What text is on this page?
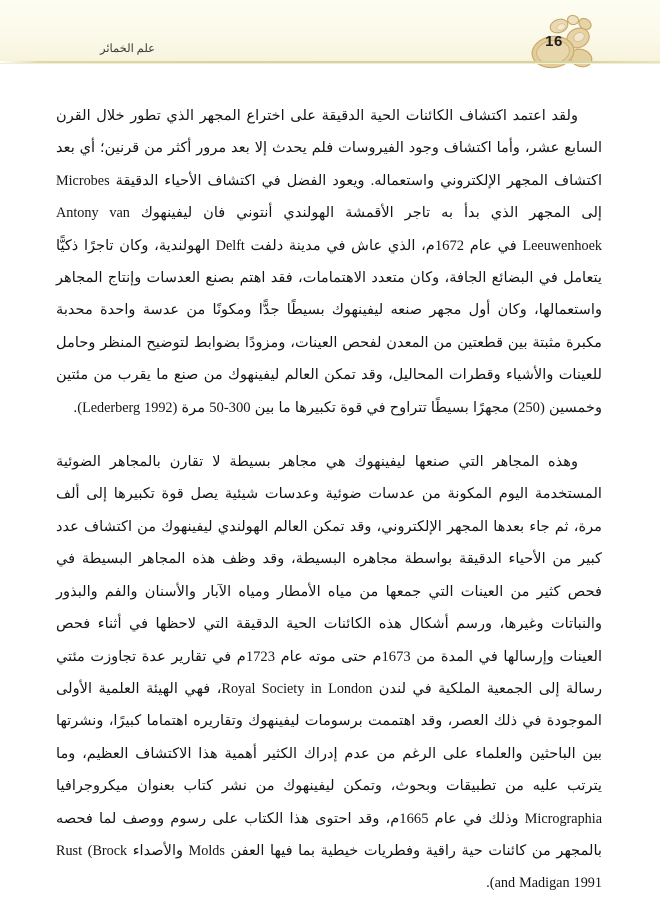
علم الخمائر	16

ولقد اعتمد اكتشاف الكائنات الحية الدقيقة على اختراع المجهر الذي تطور خلال القرن السابع عشر، وأما اكتشاف وجود الفيروسات فلم يحدث إلا بعد مرور أكثر من قرنين؛ أي بعد اكتشاف المجهر الإلكتروني واستعماله. ويعود الفضل في اكتشاف الأحياء الدقيقة Microbes إلى المجهر الذي بدأ به تاجر الأقمشة الهولندي أنتوني فان ليفينهوك Antony van Leeuwenhoek في عام 1672م، الذي عاش في مدينة دلفت Delft الهولندية، وكان تاجرًا ذكيًّا يتعامل في البضائع الجافة، وكان متعدد الاهتمامات، فقد اهتم بصنع العدسات وإنتاج المجاهر واستعمالها، وكان أول مجهر صنعه ليفينهوك بسيطًا جدًّا ومكونًا من عدسة واحدة محدبة مكبرة مثبتة بين قطعتين من المعدن لفحص العينات، ومزودًا بضوابط لتوضيح المنظر وحامل للعينات والأشياء وقطرات المحاليل، وقد تمكن العالم ليفينهوك من صنع ما يقرب من مئتين وخمسين (250) مجهرًا بسيطًا تتراوح في قوة تكبيرها ما بين 50-300 مرة (Lederberg 1992).

وهذه المجاهر التي صنعها ليفينهوك هي مجاهر بسيطة لا تقارن بالمجاهر الضوئية المستخدمة اليوم المكونة من عدسات ضوئية وعدسات شيئية يصل قوة تكبيرها إلى ألف مرة، ثم جاء بعدها المجهر الإلكتروني، وقد تمكن العالم الهولندي ليفينهوك من اكتشاف عدد كبير من الأحياء الدقيقة بواسطة مجاهره البسيطة، وقد وظف هذه المجاهر البسيطة في فحص كثير من العينات التي جمعها من مياه الأمطار ومياه الآبار والأسنان والفم والبذور والنباتات وغيرها، ورسم أشكال هذه الكائنات الحية الدقيقة التي لاحظها في أثناء فحص العينات وإرسالها في المدة من 1673م حتى موته عام 1723م في تقارير عدة تجاوزت مئتي رسالة إلى الجمعية الملكية في لندن Royal Society in London، فهي الهيئة العلمية الأولى الموجودة في ذلك العصر، وقد اهتممت برسومات ليفينهوك وتقاريره اهتماما كبيرًا، ونشرتها بين الباحثين والعلماء على الرغم من عدم إدراك الكثير أهمية هذا الاكتشاف العظيم، وما يترتب عليه من تطبيقات وبحوث، وتمكن ليفينهوك من نشر كتاب بعنوان ميكروجرافيا Micrographia وذلك في عام 1665م، وقد احتوى هذا الكتاب على رسوم ووصف لما فحصه بالمجهر من كائنات حية راقية وفطريات خيطية بما فيها العفن Molds والأصداء Rust (Brock and Madigan 1991).
